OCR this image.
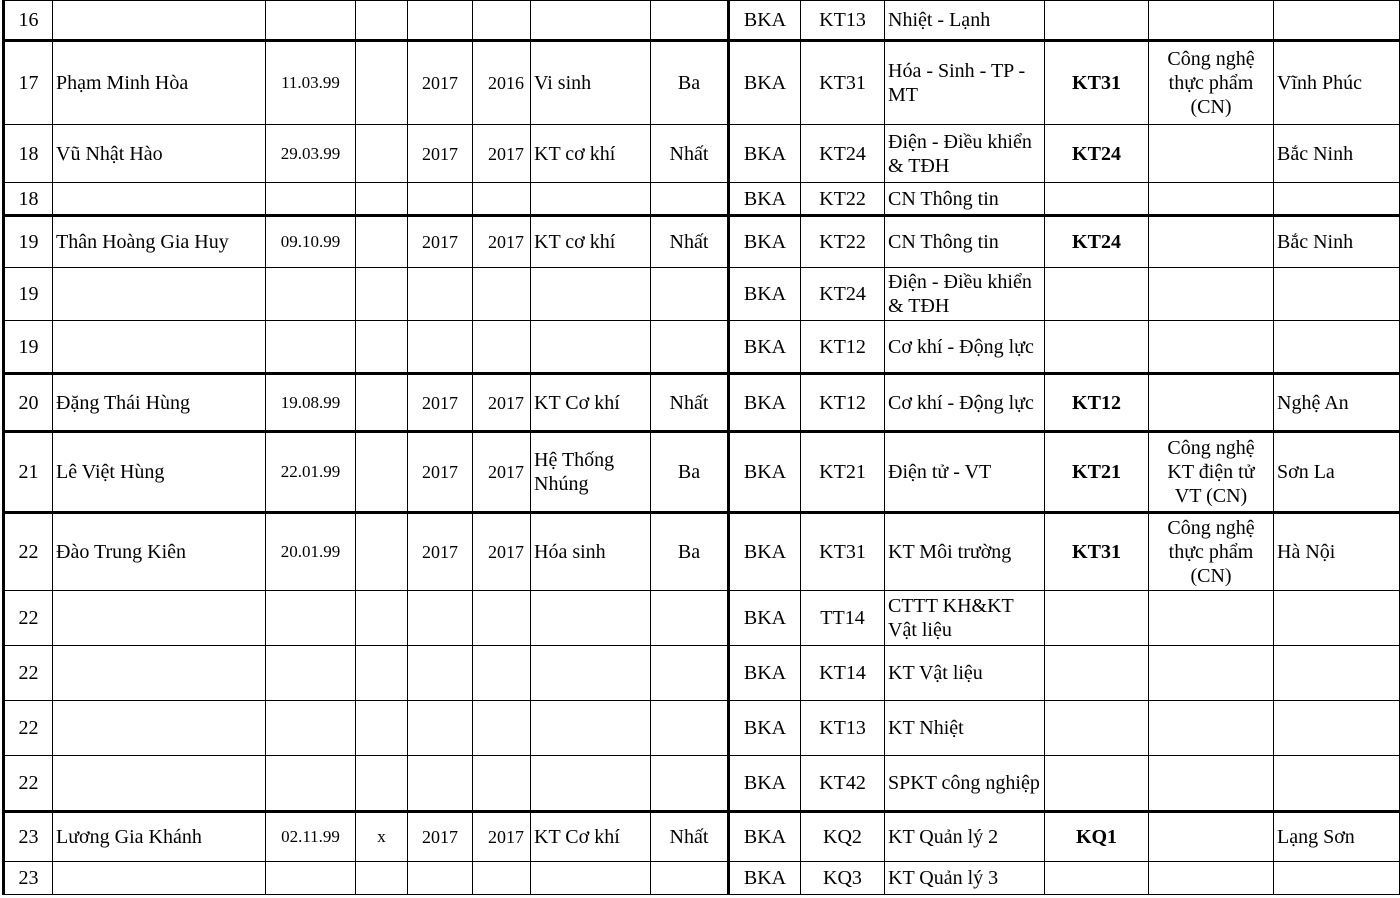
16								BKA	KT13	Nhiệt - Lạnh			
17	Phạm Minh Hòa	11.03.99		2017	2016	Vi sinh	Ba	BKA	KT31	Hóa - Sinh - TP - MT	KT31	Công nghệ thực phẩm (CN)	Vĩnh Phúc
18	Vũ Nhật Hào	29.03.99		2017	2017	KT cơ khí	Nhất	BKA	KT24	Điện - Điều khiển & TĐH	KT24		Bắc Ninh
18								BKA	KT22	CN Thông tin			
19	Thân Hoàng Gia Huy	09.10.99		2017	2017	KT cơ khí	Nhất	BKA	KT22	CN Thông tin	KT24		Bắc Ninh
19								BKA	KT24	Điện - Điều khiển & TĐH			
19								BKA	KT12	Cơ khí - Động lực			
20	Đặng Thái Hùng	19.08.99		2017	2017	KT Cơ khí	Nhất	BKA	KT12	Cơ khí - Động lực	KT12		Nghệ An
21	Lê Việt Hùng	22.01.99		2017	2017	Hệ Thống Nhúng	Ba	BKA	KT21	Điện tử - VT	KT21	Công nghệ KT điện tử VT (CN)	Sơn La
22	Đào Trung Kiên	20.01.99		2017	2017	Hóa sinh	Ba	BKA	KT31	KT Môi trường	KT31	Công nghệ thực phẩm (CN)	Hà Nội
22								BKA	TT14	CTTT KH&KT Vật liệu			
22								BKA	KT14	KT Vật liệu			
22								BKA	KT13	KT Nhiệt			
22								BKA	KT42	SPKT công nghiệp			
23	Lương Gia Khánh	02.11.99	x	2017	2017	KT Cơ khí	Nhất	BKA	KQ2	KT Quản lý 2	KQ1		Lạng Sơn
23								BKA	KQ3	KT Quản lý 3			
